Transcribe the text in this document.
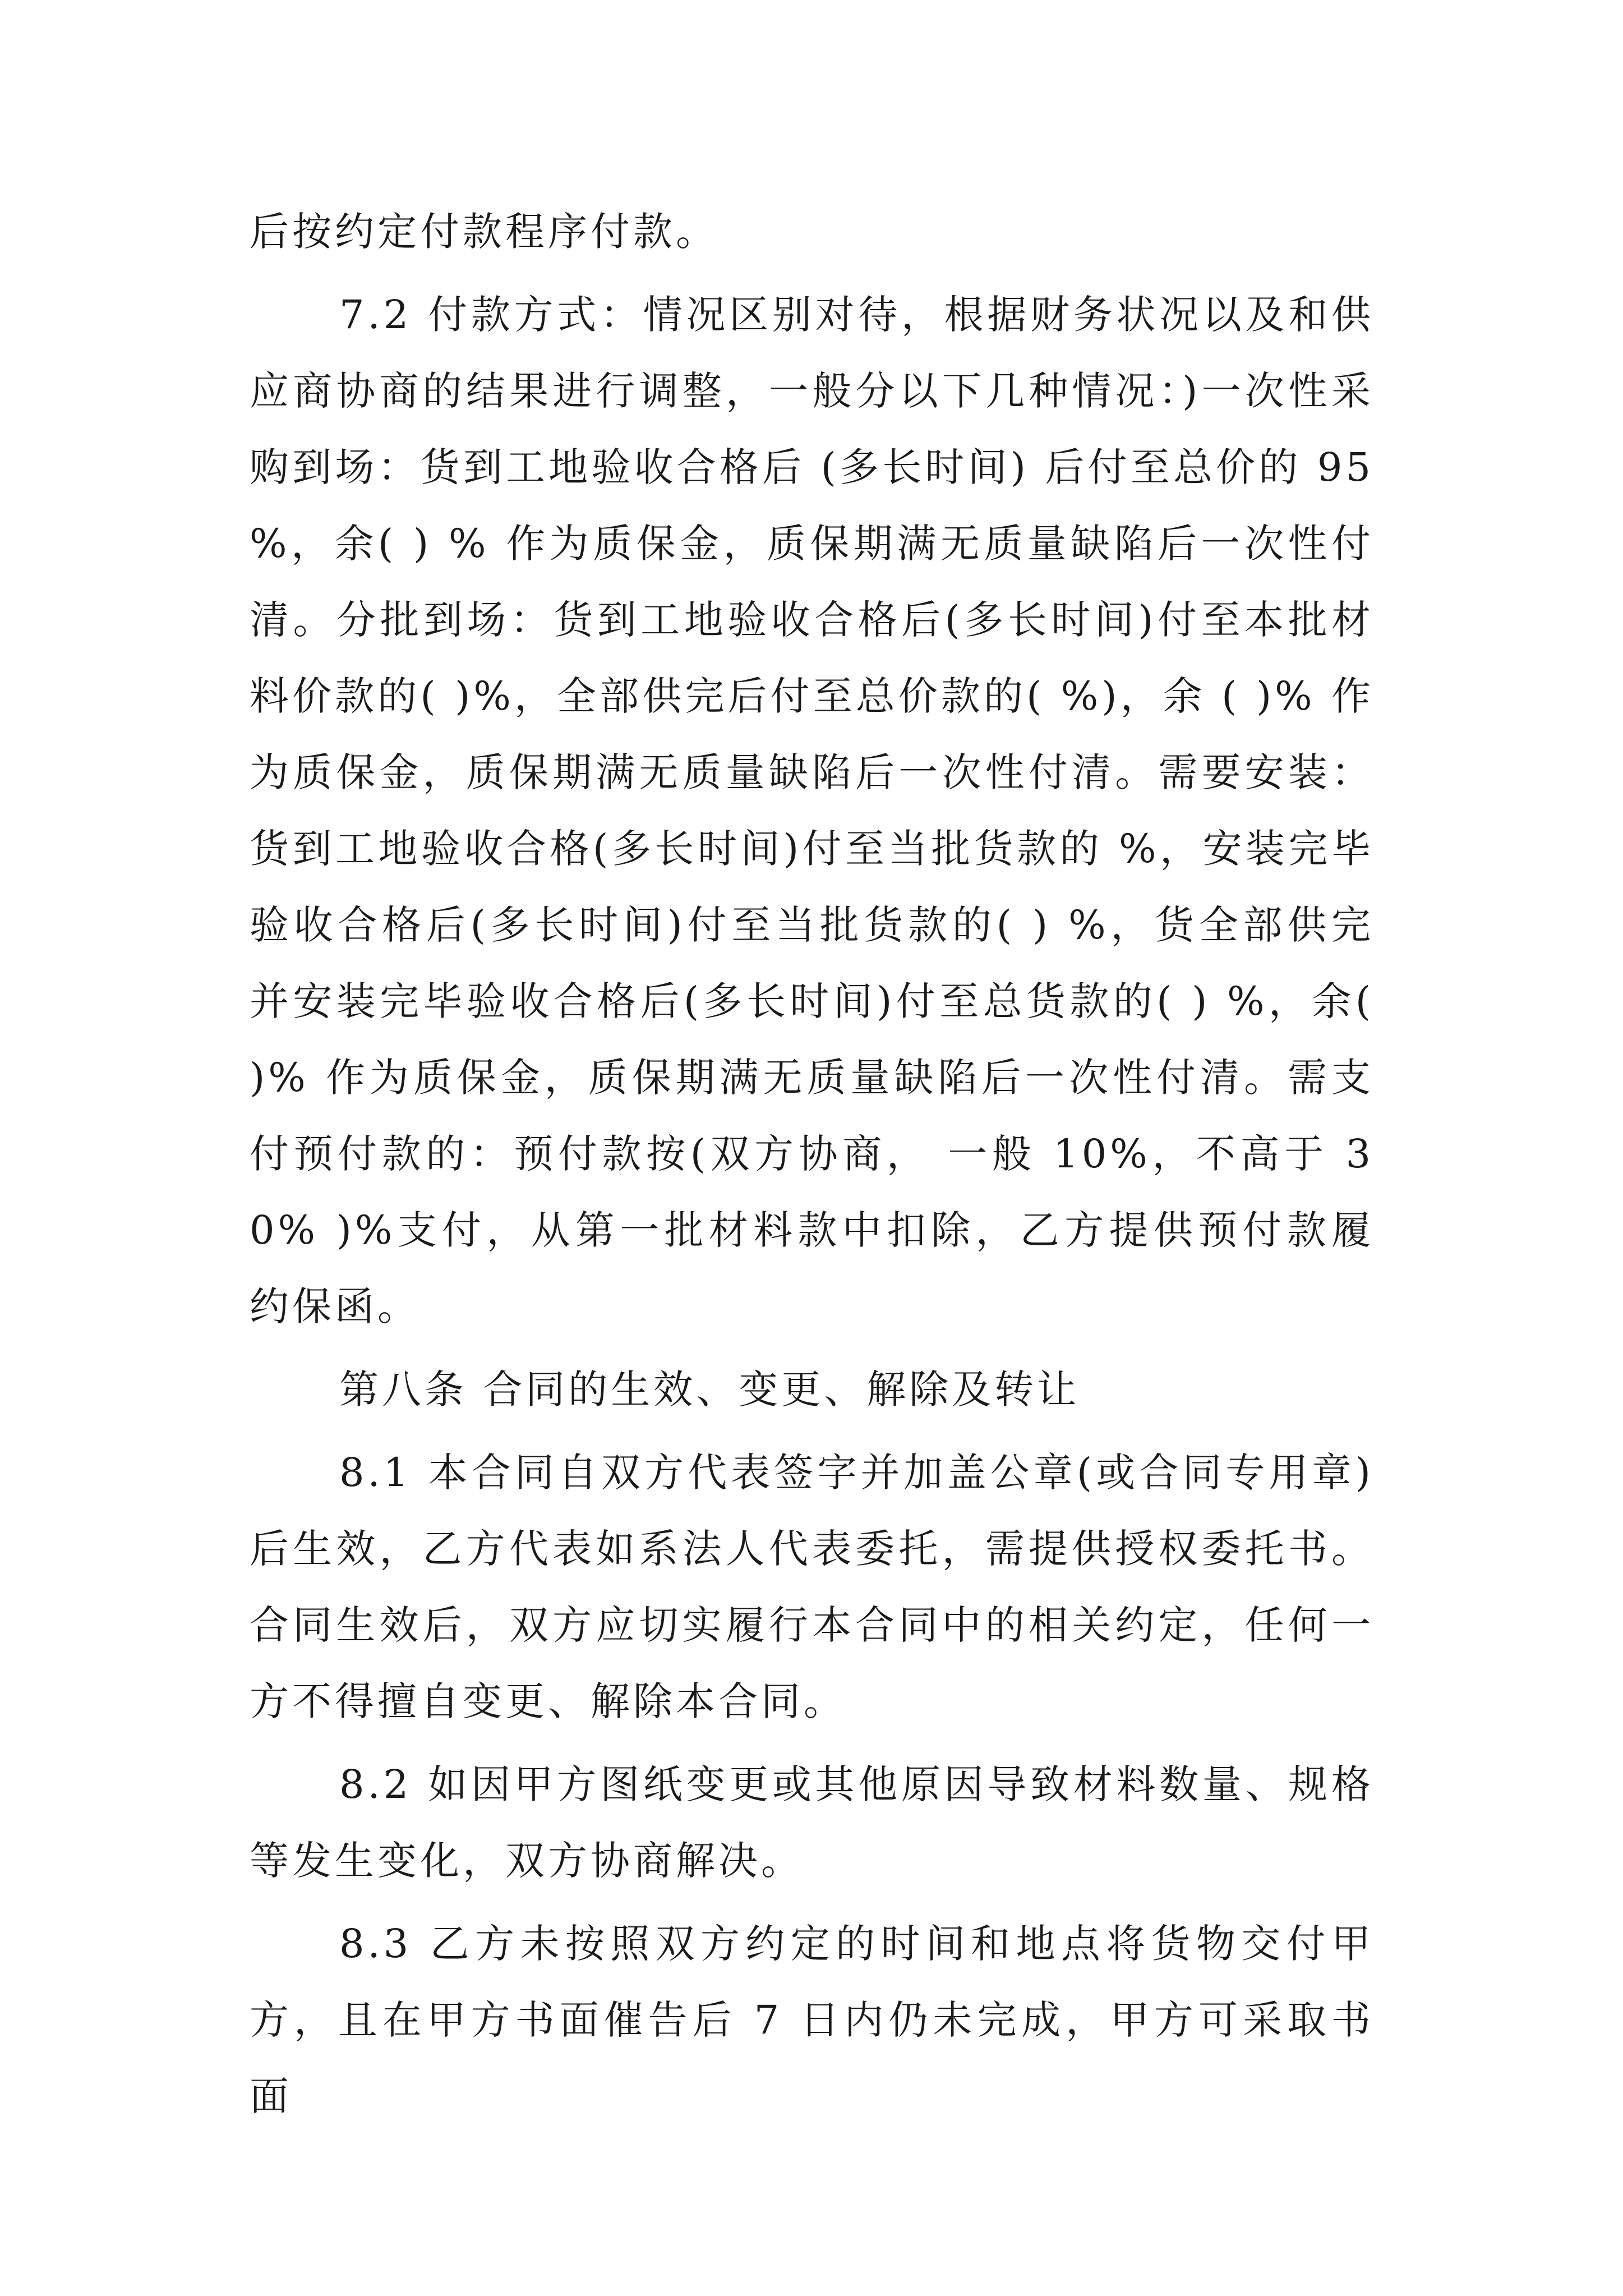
后按约定付款程序付款。

7.2 付款方式：情况区别对待，根据财务状况以及和供应商协商的结果进行调整，一般分以下几种情况：)一次性采购到场：货到工地验收合格后 (多长时间) 后付至总价的 95 %，余( ) % 作为质保金，质保期满无质量缺陷后一次性付清。分批到场：货到工地验收合格后(多长时间)付至本批材料价款的( )%，全部供完后付至总价款的( %)，余 ( )% 作为质保金，质保期满无质量缺陷后一次性付清。需要安装：货到工地验收合格(多长时间)付至当批货款的 %，安装完毕验收合格后(多长时间)付至当批货款的( ) %，货全部供完并安装完毕验收合格后(多长时间)付至总货款的( ) %，余( )% 作为质保金，质保期满无质量缺陷后一次性付清。需支付预付款的：预付款按(双方协商， 一般 10%，不高于 30% )%支付，从第一批材料款中扣除，乙方提供预付款履约保函。

第八条 合同的生效、变更、解除及转让

8.1 本合同自双方代表签字并加盖公章(或合同专用章)后生效，乙方代表如系法人代表委托，需提供授权委托书。合同生效后，双方应切实履行本合同中的相关约定，任何一方不得擅自变更、解除本合同。

8.2 如因甲方图纸变更或其他原因导致材料数量、规格等发生变化，双方协商解决。

8.3 乙方未按照双方约定的时间和地点将货物交付甲方，且在甲方书面催告后 7 日内仍未完成，甲方可采取书面
